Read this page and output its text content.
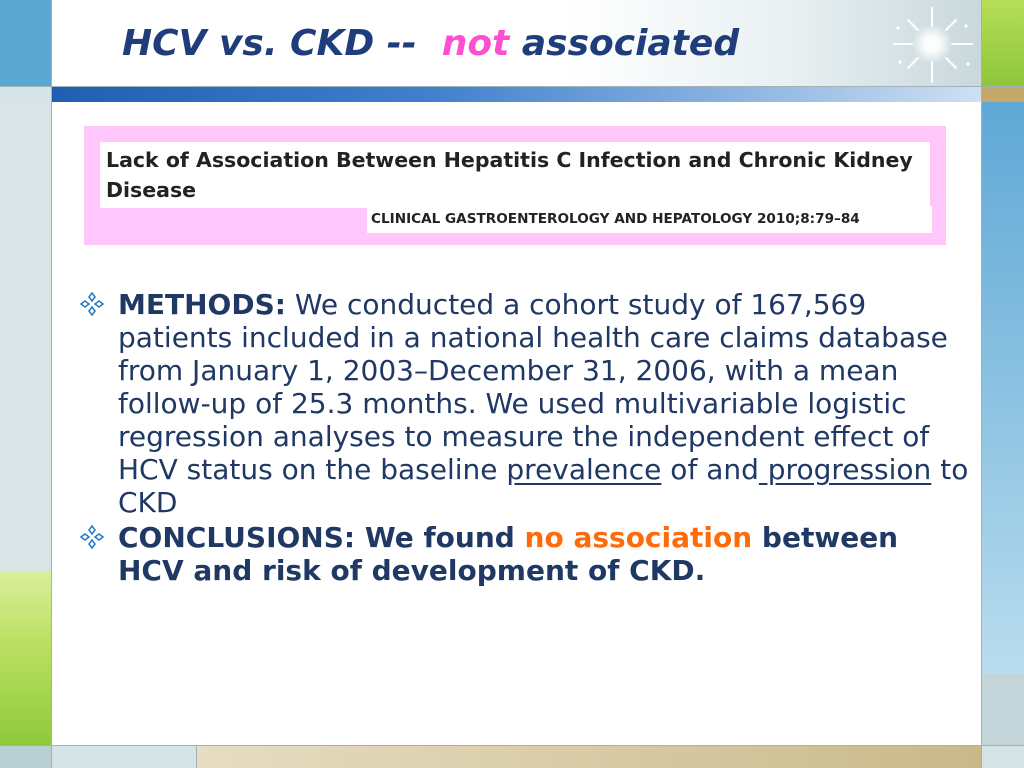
HCV vs. CKD --  not associated
Lack of Association Between Hepatitis C Infection and Chronic Kidney Disease
CLINICAL GASTROENTEROLOGY AND HEPATOLOGY 2010;8:79–84
METHODS: We conducted a cohort study of 167,569 patients included in a national health care claims database from January 1, 2003–December 31, 2006, with a mean follow-up of 25.3 months. We used multivariable logistic regression analyses to measure the independent effect of HCV status on the baseline prevalence of and progression to CKD
CONCLUSIONS: We found no association between HCV and risk of development of CKD.
